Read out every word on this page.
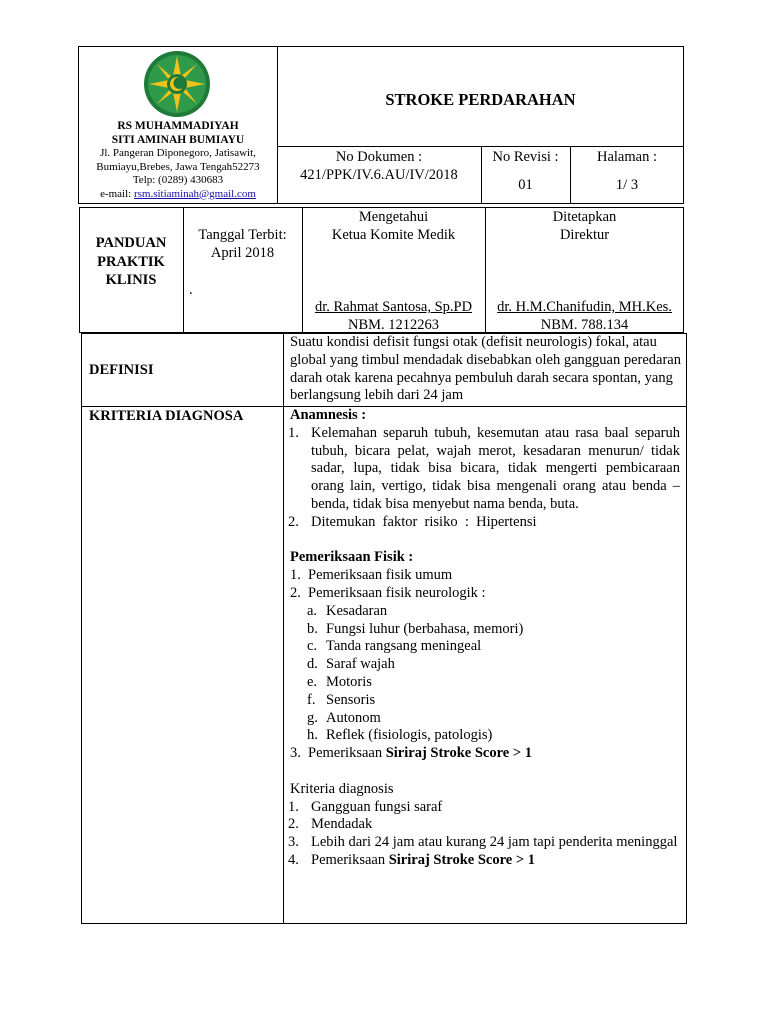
RS MUHAMMADIYAH
SITI AMINAH BUMIAYU
Jl. Pangeran Diponegoro, Jatisawit,
Bumiayu,Brebes, Jawa Tengah52273
Telp: (0289) 430683
e-mail: rsm.sitiaminah@gmail.com
STROKE PERDARAHAN
No Dokumen :
421/PPK/IV.6.AU/IV/2018
No Revisi :
01
Halaman :
1/ 3
PANDUAN
PRAKTIK
KLINIS
Tanggal Terbit:
April 2018
.
Mengetahui
Ketua Komite Medik
dr. Rahmat Santosa, Sp.PD
NBM. 1212263
Ditetapkan
Direktur
dr. H.M.Chanifudin, MH.Kes.
NBM. 788.134
DEFINISI
Suatu kondisi defisit fungsi otak (defisit neurologis) fokal, atau global yang timbul mendadak disebabkan oleh gangguan peredaran darah otak karena pecahnya pembuluh darah secara spontan, yang berlangsung lebih dari 24 jam
KRITERIA DIAGNOSA	Anamnesis :
1. Kelemahan separuh tubuh, kesemutan atau rasa baal separuh tubuh, bicara pelat, wajah merot, kesadaran menurun/ tidak sadar, lupa, tidak bisa bicara, tidak mengerti pembicaraan orang lain, vertigo, tidak bisa mengenali orang atau benda – benda, tidak bisa menyebut nama benda, buta.
2. Ditemukan  faktor  risiko  :  Hipertensi
Pemeriksaan Fisik :
1. Pemeriksaan fisik umum
2. Pemeriksaan fisik neurologik :
a. Kesadaran
b. Fungsi luhur (berbahasa, memori)
c. Tanda rangsang meningeal
d. Saraf wajah
e. Motoris
f. Sensoris
g. Autonom
h. Reflek (fisiologis, patologis)
3. Pemeriksaan Siriraj Stroke Score > 1
Kriteria diagnosis
1. Gangguan fungsi saraf
2. Mendadak
3. Lebih dari 24 jam atau kurang 24 jam tapi penderita meninggal
4. Pemeriksaan Siriraj Stroke Score > 1
